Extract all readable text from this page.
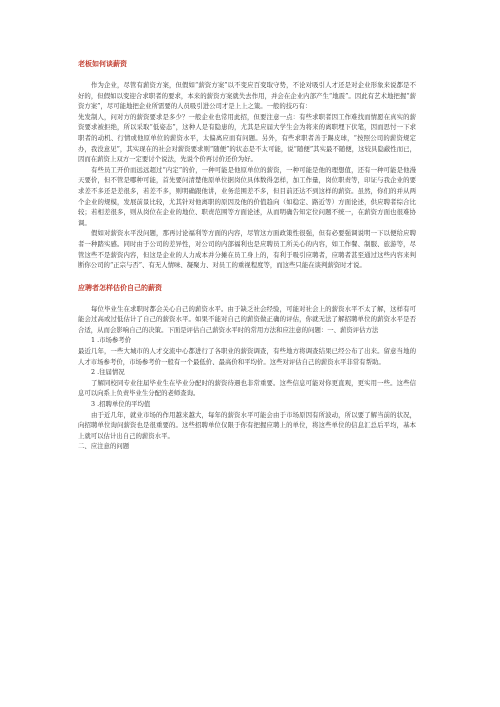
老板如何谈薪资

作为企业，尽管有薪资方案，但假如“薪资方案”以不变应百变取守势，不论对吸引人才还是对企业形象来说都是不好的，但假如以变迎合求职者的要求，本来的薪资方案就失去作用，并会在企业内部产生“地震”。因此有艺术地把握“薪资方案”，尽可能地把企业所需要的人员吸引进公司才是上上之策。一般的技巧有：

先发制人，问对方的薪资要求是多少？一般企业也常用此招，但要注意一点：有些求职者因工作难找而情愿在真实的薪资要求被拒绝，所以采取“低姿态”，这种人是有隐患的，尤其是应届大学生会为将来的离职埋下伏笔，因而思忖一下求职者的动机、行情或他原单位的薪资水平，太偏离应而有问题。另外，有些求职者善于踢皮球，“按照公司的薪资规定办，我没意见”，其实现在的社会对薪资要求则“随便”的状态是不太可能，说“随便”其实最不随便，这较具隐蔽性而已，因而在薪资上双方一定要讨个说法，先说个价再讨价还价为好。

有些员工开价而远远超过“内定”的价，一种可能是他原单位的薪资，一种可能是他的理想值，还有一种可能是他漫天要价，但不管是哪种可能，首先要问清楚他原单位据岗位具体数得怎样，加工作量，岗位职责等，印证与我企业的要求差不多还是差很多，若差不多，则明确跟他讲，业务范围差不多，但目前还达不到这样的薪资。虽然，你们的并从两个企业的规模，发展前景比较，尤其针对他离职的原因及他的价值趋向（如稳定、路近等）方面论述，供应聘者综合比较；若相差很多，则从岗位在企业的地位、职责范围等方面论述，从而明确告知定位问题不统一，在薪资方面也很难协调。

假如对薪资水平没问题，那再讨论福利等方面的内容，尽管这方面政策性很强，但有必要强调说明一下以便给应聘者一种踏实感。同时由于公司的差异性，对公司的内部福利也是应聘员工所关心的内容，如工作餐、制服、旅游等，尽管这些不是薪资内容，但这是企业的人力成本并分摊在员工身上的，有利于吸引应聘者，应聘者甚至通过这些内容来判断你公司的“正宗与否”、有无人情味、凝聚力、对员工的重视程度等，而这些只能在谈判薪资时才说。

应聘者怎样估价自己的薪资

每位毕业生在求职时都会关心自己的薪资水平。由于缺乏社会经验，可能对社会上的薪资水平不太了解，这样有可能会过高或过低估计了自己的薪资水平。如果不能对自己的薪资做正确的评估，你就无法了解招聘单位的薪资水平是否合适，从而会影响自己的决策。下面是评估自己薪资水平时的常用方法和应注意的问题：一、薪资评估方法

1 .市场参考价

最近几年，一些大城市的人才交流中心都进行了各职业的薪资调查，有些地方将调查结果已经公布了出来。留意当地的人才市场参考价，市场参考价一般有一个最低价、最高价和平均价。这些对评估自己的薪资水平非常有帮助。

2 .往届情况

了解同校同专业往届毕业生在毕业分配时的薪资待遇也非常重要。这些信息可能对你更直观，更实用一些。这些信息可以向系上负责毕业生分配的老师查询。

3 .招聘单位的平均值

由于近几年，就业市场的作用越来越大，每年的薪资水平可能会由于市场原因有所波动，所以要了解当前的状况，向招聘单位询问薪资也是很重要的。这些招聘单位仅限于你有把握应聘上的单位，将这些单位的信息汇总后平均，基本上就可以估计出自己的薪资水平。

二、应注意的问题
